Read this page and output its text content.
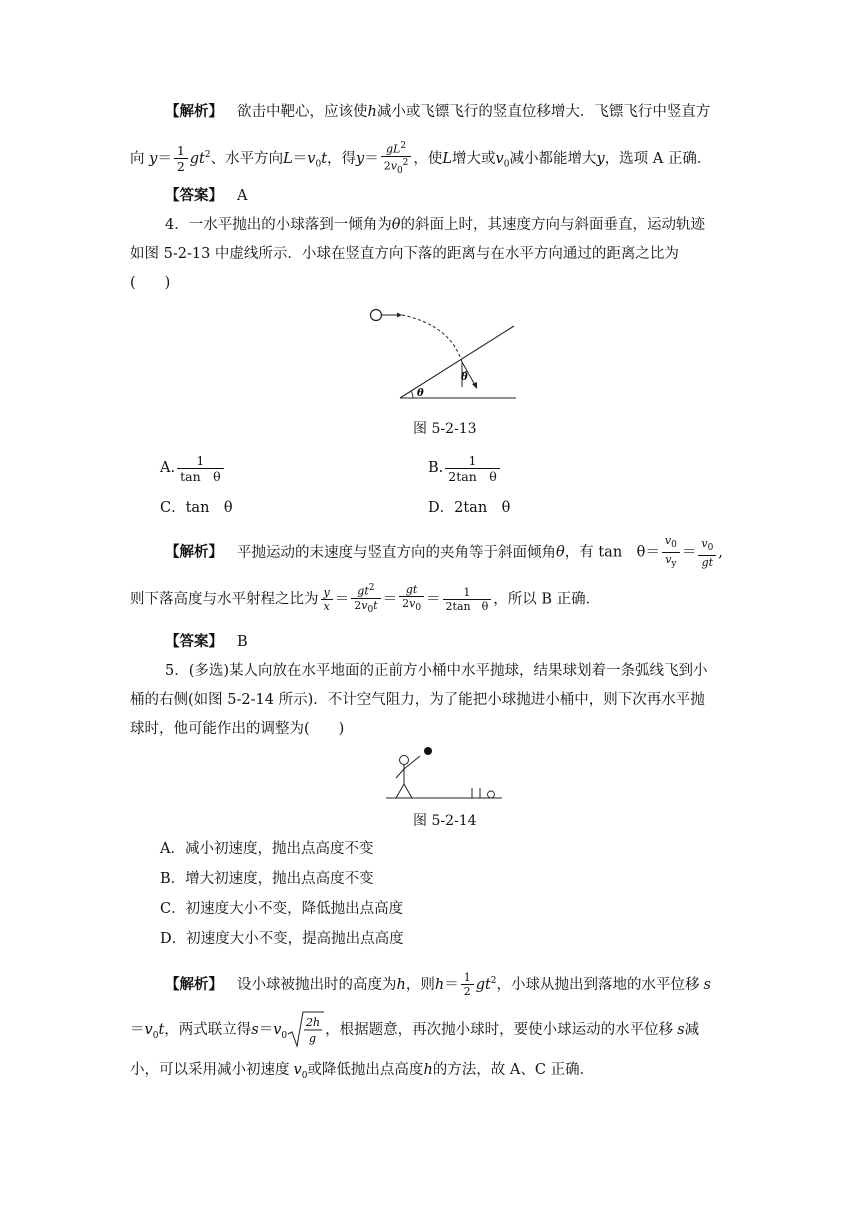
【解析】 欲击中靶心，应该使h减小或飞镖飞行的竖直位移增大．飞镖飞行中竖直方
向 $y= \frac{1}{2} gt^2$、水平方向$L=v_0t$，得$y= \frac{gL^2}{2v_0^2}$ ，使L增大或$v_0$减小都能增大y，选项 A 正确．
【答案】 A
4．一水平抛出的小球落到一倾角为θ的斜面上时，其速度方向与斜面垂直，运动轨迹
如图 5-2-13 中虚线所示．小球在竖直方向下落的距离与在水平方向通过的距离之比为
(　　)
θ
θ
图 5-2-13
A. $\frac{1}{\text{tan　θ}}$	B. $\frac{1}{\text{2tan　θ}}$
C．tan　θ	D．2tan　θ
【解析】 平抛运动的末速度与竖直方向的夹角等于斜面倾角θ，有 tan　$\theta= \frac{v_0}{v_y} = \frac{v_0}{gt}$ ,
则下落高度与水平射程之比为 $\frac{y}{x} = \frac{gt^2}{2v_0t} = \frac{gt}{2v_0} = \frac{1}{\text{2tan　θ}}$ ，所以 B 正确．
【答案】 B
5．(多选)某人向放在水平地面的正前方小桶中水平抛球，结果球划着一条弧线飞到小
桶的右侧(如图 5-2-14 所示)．不计空气阻力，为了能把小球抛进小桶中，则下次再水平抛
球时，他可能作出的调整为(　　)
图 5-2-14
A．减小初速度，抛出点高度不变
B．增大初速度，抛出点高度不变
C．初速度大小不变，降低抛出点高度
D．初速度大小不变，提高抛出点高度
【解析】 设小球被抛出时的高度为h，则$h= \frac{1}{2} gt^2$，小球从抛出到落地的水平位移 s
$=v_0t$，两式联立得$s=v_0$
2h
g
，根据题意，再次抛小球时，要使小球运动的水平位移 s减
小，可以采用减小初速度 $v_0$或降低抛出点高度h的方法，故 A、C 正确．
